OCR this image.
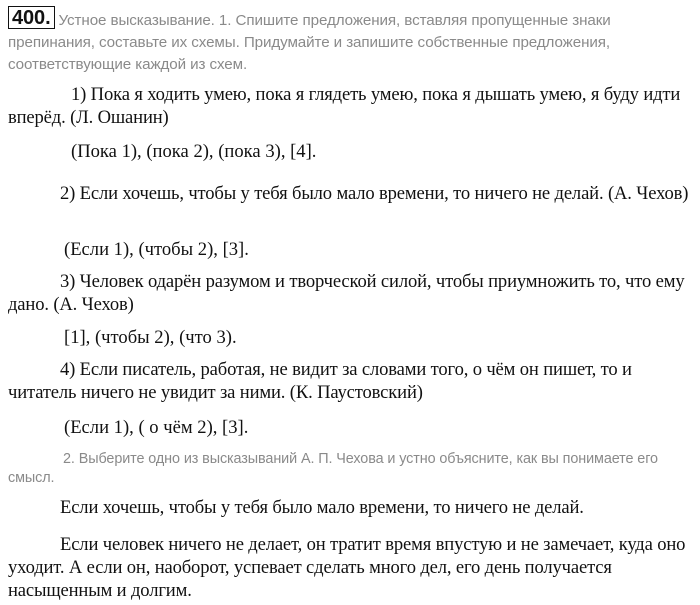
400. Устное высказывание. 1. Спишите предложения, вставляя пропущенные знаки препинания, составьте их схемы. Придумайте и запишите собственные предложения, соответствующие каждой из схем.
1) Пока я ходить умею, пока я глядеть умею, пока я дышать умею, я буду идти вперёд. (Л. Ошанин)
(Пока 1), (пока 2), (пока 3), [4].
2) Если хочешь, чтобы у тебя было мало времени, то ничего не делай. (А. Чехов)
(Если 1), (чтобы 2), [3].
3) Человек одарён разумом и творческой силой, чтобы приумножить то, что ему дано. (А. Чехов)
[1], (чтобы 2), (что 3).
4) Если писатель, работая, не видит за словами того, о чём он пишет, то и читатель ничего не увидит за ними. (К. Паустовский)
(Если 1), ( о чём 2), [3].
2. Выберите одно из высказываний А. П. Чехова и устно объясните, как вы понимаете его смысл.
Если хочешь, чтобы у тебя было мало времени, то ничего не делай.
Если человек ничего не делает, он тратит время впустую и не замечает, куда оно уходит. А если он, наоборот, успевает сделать много дел, его день получается насыщенным и долгим.
